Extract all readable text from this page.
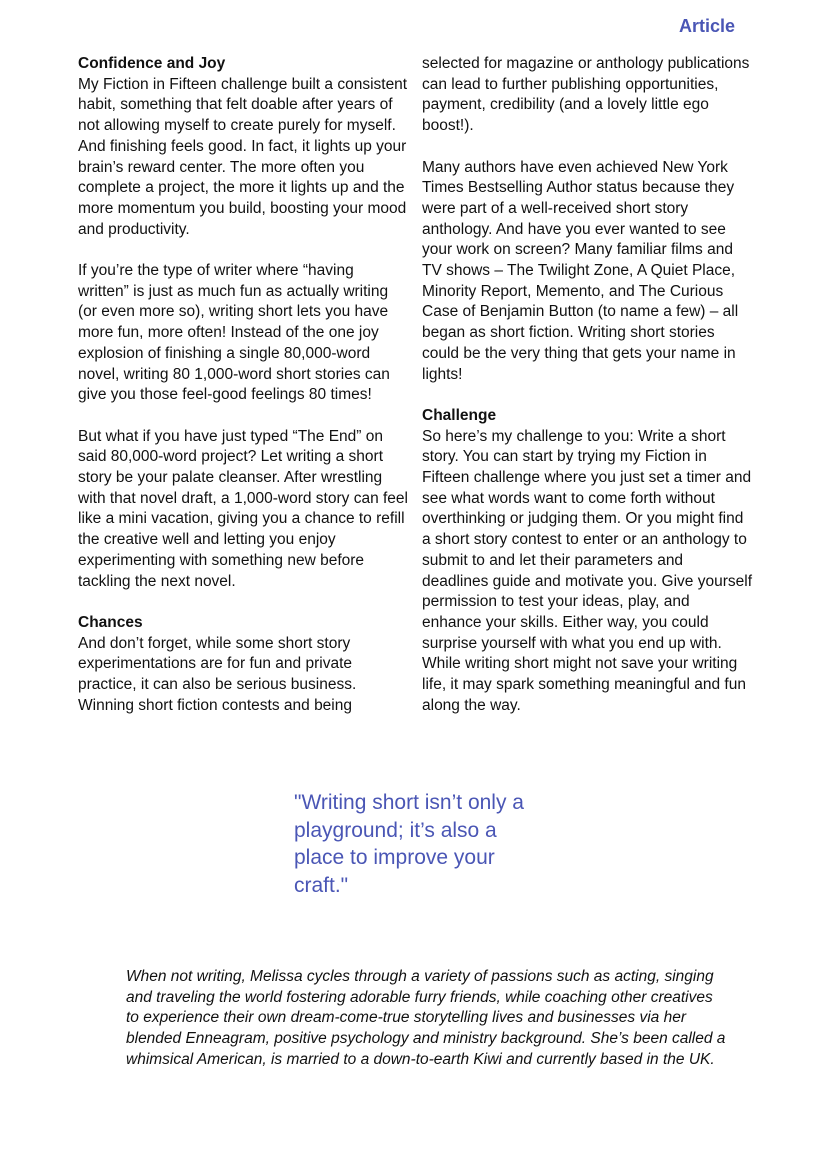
Article

Confidence and Joy

My Fiction in Fifteen challenge built a consistent habit, something that felt doable after years of not allowing myself to create purely for myself. And finishing feels good. In fact, it lights up your brain’s reward center. The more often you complete a project, the more it lights up and the more momentum you build, boosting your mood and productivity.

If you’re the type of writer where “having written” is just as much fun as actually writing (or even more so), writing short lets you have more fun, more often! Instead of the one joy explosion of finishing a single 80,000-word novel, writing 80 1,000-word short stories can give you those feel-good feelings 80 times!

But what if you have just typed “The End” on said 80,000-word project? Let writing a short story be your palate cleanser. After wrestling with that novel draft, a 1,000-word story can feel like a mini vacation, giving you a chance to refill the creative well and letting you enjoy experimenting with something new before tackling the next novel.

Chances

And don’t forget, while some short story experimentations are for fun and private practice, it can also be serious business. Winning short fiction contests and being

selected for magazine or anthology publications can lead to further publishing opportunities, payment, credibility (and a lovely little ego boost!).

Many authors have even achieved New York Times Bestselling Author status because they were part of a well-received short story anthology. And have you ever wanted to see your work on screen? Many familiar films and TV shows – The Twilight Zone, A Quiet Place, Minority Report, Memento, and The Curious Case of Benjamin Button (to name a few) – all began as short fiction. Writing short stories could be the very thing that gets your name in lights!

Challenge

So here’s my challenge to you: Write a short story. You can start by trying my Fiction in Fifteen challenge where you just set a timer and see what words want to come forth without overthinking or judging them. Or you might find a short story contest to enter or an anthology to submit to and let their parameters and deadlines guide and motivate you. Give yourself permission to test your ideas, play, and enhance your skills. Either way, you could surprise yourself with what you end up with. While writing short might not save your writing life, it may spark something meaningful and fun along the way.

"Writing short isn’t only a playground; it’s also a place to improve your craft."
When not writing, Melissa cycles through a variety of passions such as acting, singing and traveling the world fostering adorable furry friends, while coaching other creatives to experience their own dream-come-true storytelling lives and businesses via her blended Enneagram, positive psychology and ministry background. She’s been called a whimsical American, is married to a down-to-earth Kiwi and currently based in the UK.
